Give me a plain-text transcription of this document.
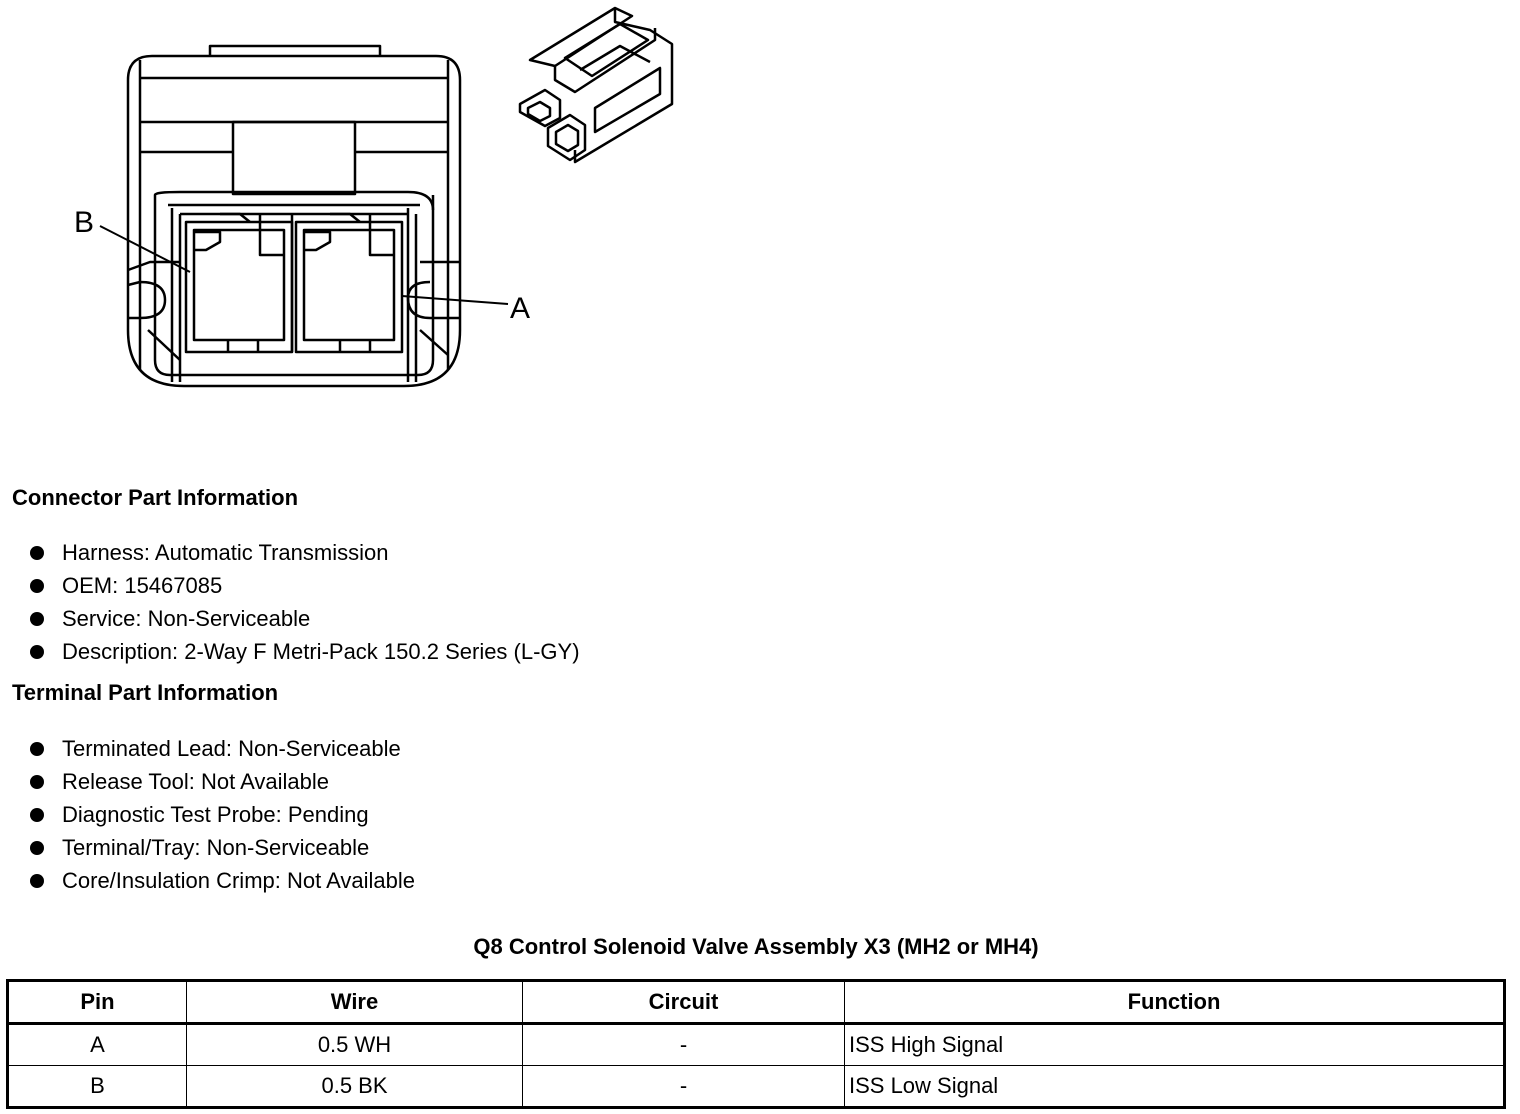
B
A
Connector Part Information
Harness: Automatic Transmission
OEM: 15467085
Service: Non-Serviceable
Description: 2-Way F Metri-Pack 150.2 Series (L-GY)
Terminal Part Information
Terminated Lead: Non-Serviceable
Release Tool: Not Available
Diagnostic Test Probe: Pending
Terminal/Tray: Non-Serviceable
Core/Insulation Crimp: Not Available
Q8 Control Solenoid Valve Assembly X3 (MH2 or MH4)
Pin	Wire	Circuit	Function
A	0.5 WH	-	ISS High Signal
B	0.5 BK	-	ISS Low Signal
